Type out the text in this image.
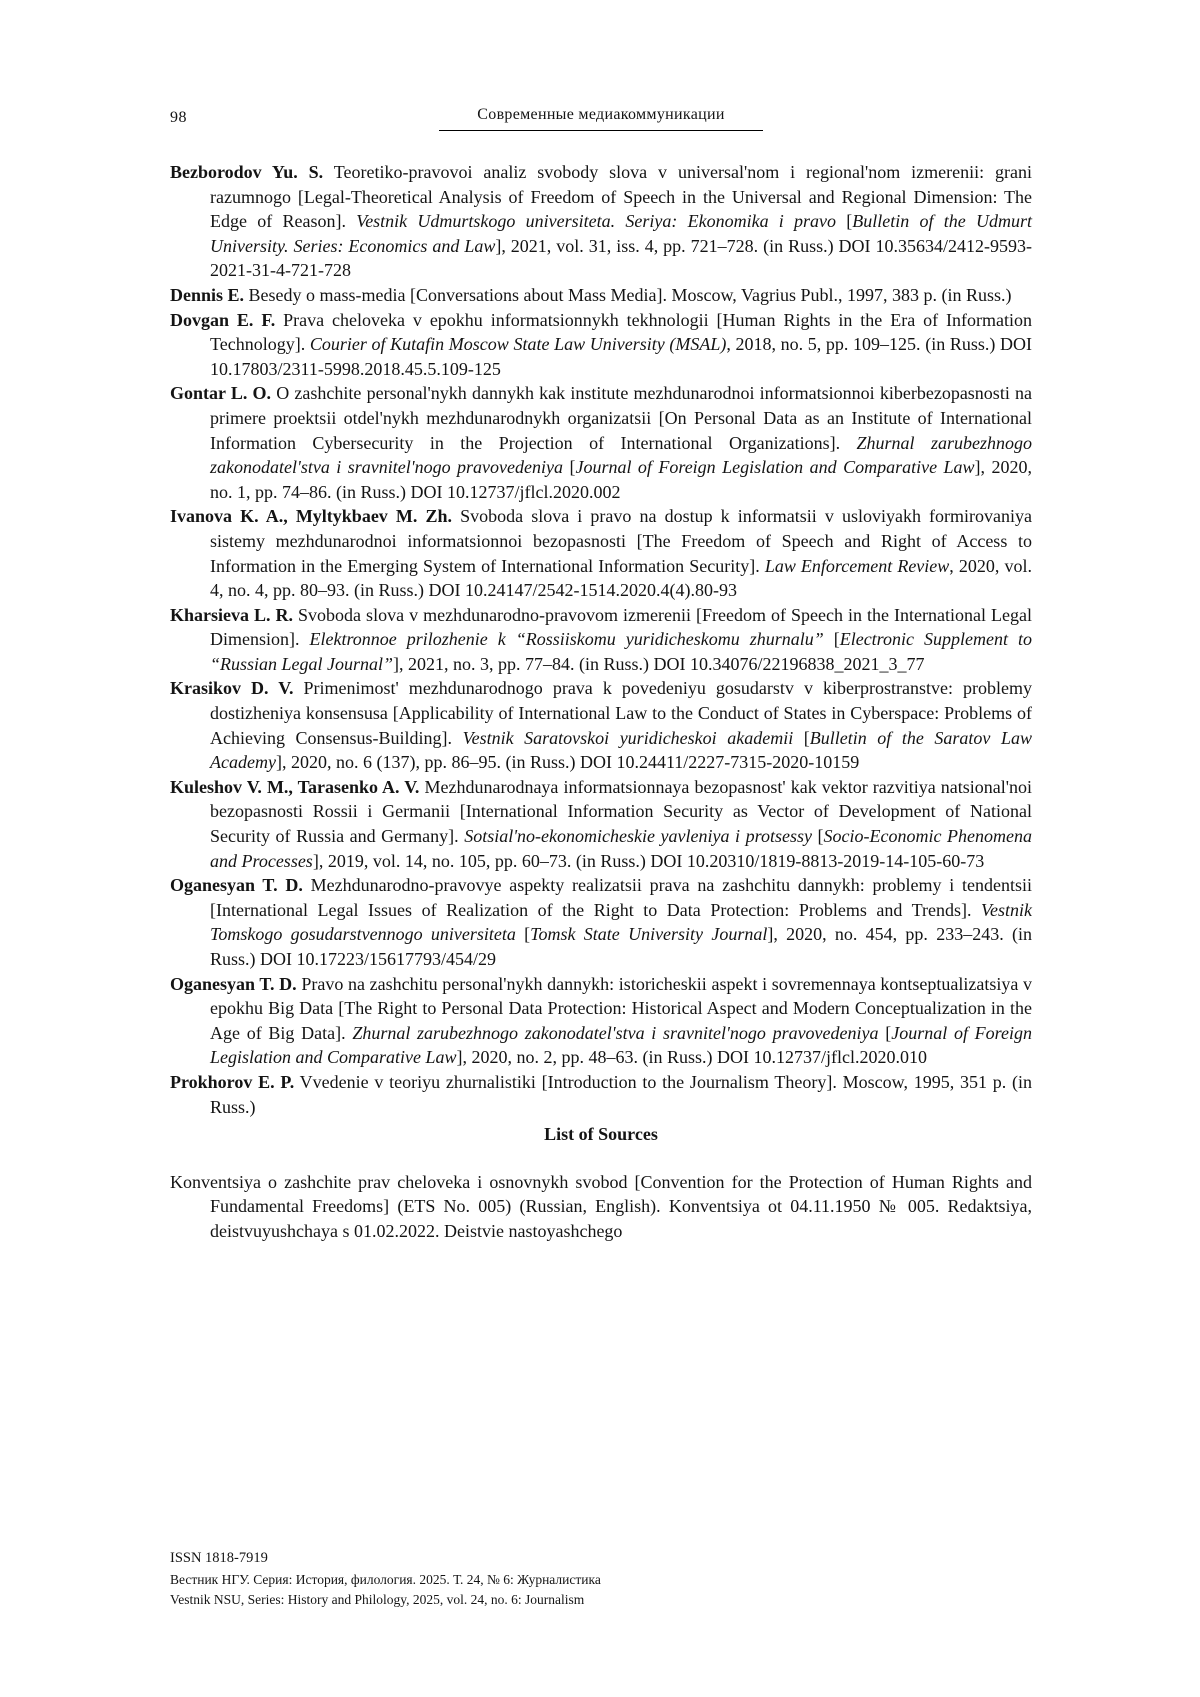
98	Современные медиакоммуникации

Bezborodov Yu. S. Teoretiko-pravovoi analiz svobody slova v universal'nom i regional'nom izmerenii: grani razumnogo [Legal-Theoretical Analysis of Freedom of Speech in the Universal and Regional Dimension: The Edge of Reason]. Vestnik Udmurtskogo universiteta. Seriya: Ekonomika i pravo [Bulletin of the Udmurt University. Series: Economics and Law], 2021, vol. 31, iss. 4, pp. 721–728. (in Russ.) DOI 10.35634/2412-9593-2021-31-4-721-728

Dennis E. Besedy o mass-media [Conversations about Mass Media]. Moscow, Vagrius Publ., 1997, 383 p. (in Russ.)

Dovgan E. F. Prava cheloveka v epokhu informatsionnykh tekhnologii [Human Rights in the Era of Information Technology]. Courier of Kutafin Moscow State Law University (MSAL), 2018, no. 5, pp. 109–125. (in Russ.) DOI 10.17803/2311-5998.2018.45.5.109-125

Gontar L. O. O zashchite personal'nykh dannykh kak institute mezhdunarodnoi informatsionnoi kiberbezopasnosti na primere proektsii otdel'nykh mezhdunarodnykh organizatsii [On Personal Data as an Institute of International Information Cybersecurity in the Projection of International Organizations]. Zhurnal zarubezhnogo zakonodatel'stva i sravnitel'nogo pravovedeniya [Journal of Foreign Legislation and Comparative Law], 2020, no. 1, pp. 74–86. (in Russ.) DOI 10.12737/jflcl.2020.002

Ivanova K. A., Myltykbaev M. Zh. Svoboda slova i pravo na dostup k informatsii v usloviyakh formirovaniya sistemy mezhdunarodnoi informatsionnoi bezopasnosti [The Freedom of Speech and Right of Access to Information in the Emerging System of International Information Security]. Law Enforcement Review, 2020, vol. 4, no. 4, pp. 80–93. (in Russ.) DOI 10.24147/2542-1514.2020.4(4).80-93

Kharsieva L. R. Svoboda slova v mezhdunarodno-pravovom izmerenii [Freedom of Speech in the International Legal Dimension]. Elektronnoe prilozhenie k “Rossiiskomu yuridicheskomu zhurnalu” [Electronic Supplement to “Russian Legal Journal”], 2021, no. 3, pp. 77–84. (in Russ.) DOI 10.34076/22196838_2021_3_77

Krasikov D. V. Primenimost' mezhdunarodnogo prava k povedeniyu gosudarstv v kiberprostranstve: problemy dostizheniya konsensusa [Applicability of International Law to the Conduct of States in Cyberspace: Problems of Achieving Consensus-Building]. Vestnik Saratovskoi yuridicheskoi akademii [Bulletin of the Saratov Law Academy], 2020, no. 6 (137), pp. 86–95. (in Russ.) DOI 10.24411/2227-7315-2020-10159

Kuleshov V. M., Tarasenko A. V. Mezhdunarodnaya informatsionnaya bezopasnost' kak vektor razvitiya natsional'noi bezopasnosti Rossii i Germanii [International Information Security as Vector of Development of National Security of Russia and Germany]. Sotsial'no-ekonomicheskie yavleniya i protsessy [Socio-Economic Phenomena and Processes], 2019, vol. 14, no. 105, pp. 60–73. (in Russ.) DOI 10.20310/1819-8813-2019-14-105-60-73

Oganesyan T. D. Mezhdunarodno-pravovye aspekty realizatsii prava na zashchitu dannykh: problemy i tendentsii [International Legal Issues of Realization of the Right to Data Protection: Problems and Trends]. Vestnik Tomskogo gosudarstvennogo universiteta [Tomsk State University Journal], 2020, no. 454, pp. 233–243. (in Russ.) DOI 10.17223/15617793/454/29

Oganesyan T. D. Pravo na zashchitu personal'nykh dannykh: istoricheskii aspekt i sovremennaya kontseptualizatsiya v epokhu Big Data [The Right to Personal Data Protection: Historical Aspect and Modern Conceptualization in the Age of Big Data]. Zhurnal zarubezhnogo zakonodatel'stva i sravnitel'nogo pravovedeniya [Journal of Foreign Legislation and Comparative Law], 2020, no. 2, pp. 48–63. (in Russ.) DOI 10.12737/jflcl.2020.010

Prokhorov E. P. Vvedenie v teoriyu zhurnalistiki [Introduction to the Journalism Theory]. Moscow, 1995, 351 p. (in Russ.)

List of Sources

Konventsiya o zashchite prav cheloveka i osnovnykh svobod [Convention for the Protection of Human Rights and Fundamental Freedoms] (ETS No. 005) (Russian, English). Konventsiya ot 04.11.1950 № 005. Redaktsiya, deistvuyushchaya s 01.02.2022. Deistvie nastoyashchego

ISSN 1818-7919
Вестник НГУ. Серия: История, филология. 2025. Т. 24, № 6: Журналистика
Vestnik NSU, Series: History and Philology, 2025, vol. 24, no. 6: Journalism
